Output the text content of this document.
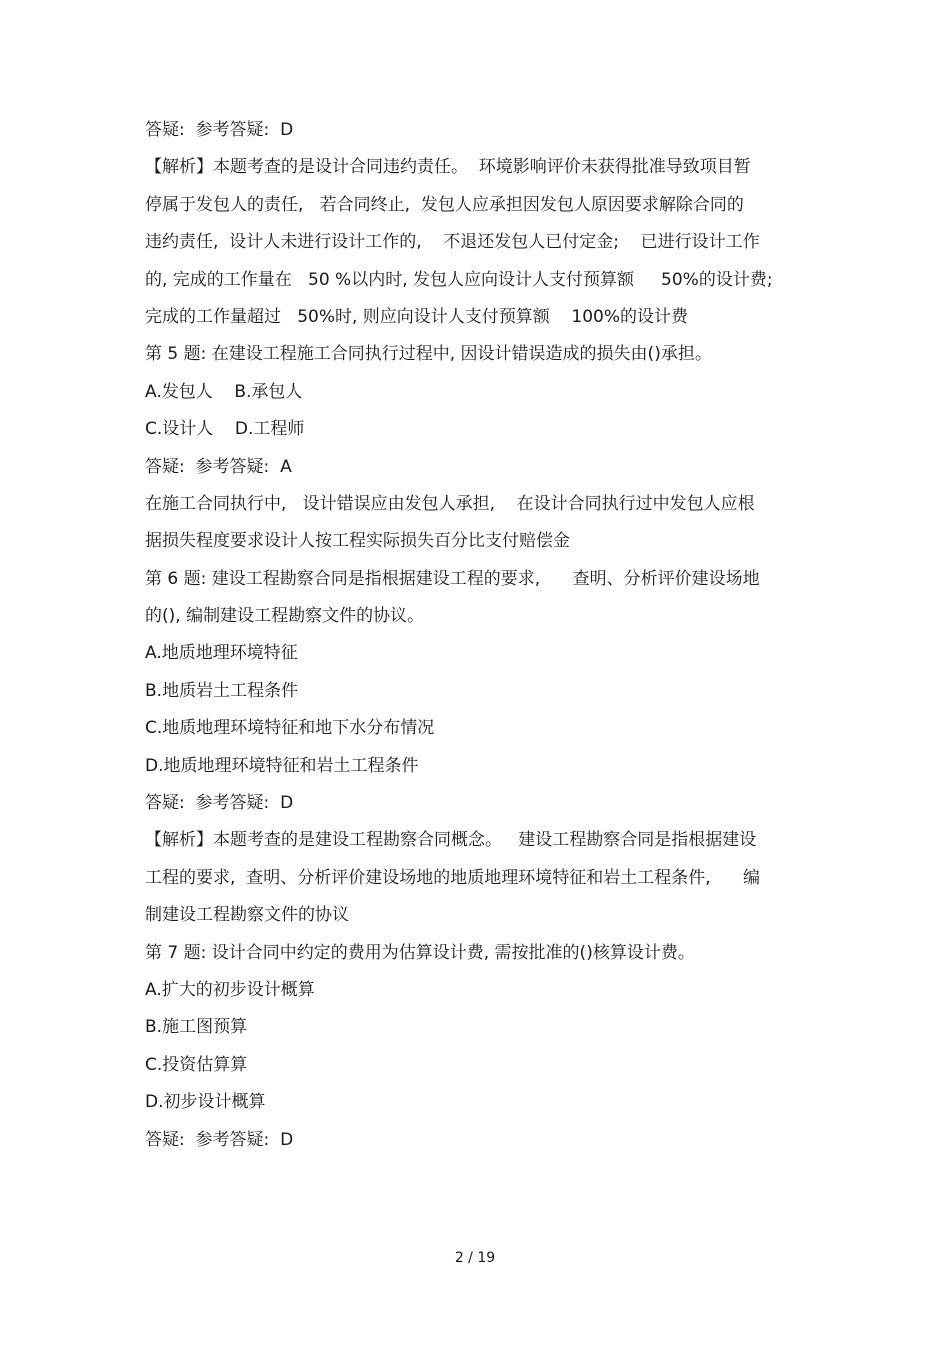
答疑:  参考答疑:  D
【解析】本题考查的是设计合同违约责任。  环境影响评价未获得批准导致项目暂
停属于发包人的责任,   若合同终止,  发包人应承担因发包人原因要求解除合同的
违约责任,  设计人未进行设计工作的,    不退还发包人已付定金;    已进行设计工作
的, 完成的工作量在   50 %以内时, 发包人应向设计人支付预算额     50%的设计费;
完成的工作量超过   50%时, 则应向设计人支付预算额    100%的设计费
第 5 题: 在建设工程施工合同执行过程中, 因设计错误造成的损失由()承担。
A.发包人    B.承包人
C.设计人    D.工程师
答疑:  参考答疑:  A
在施工合同执行中,   设计错误应由发包人承担,    在设计合同执行过中发包人应根
据损失程度要求设计人按工程实际损失百分比支付赔偿金
第 6 题: 建设工程勘察合同是指根据建设工程的要求,      查明、分析评价建设场地
的(), 编制建设工程勘察文件的协议。
A.地质地理环境特征
B.地质岩土工程条件
C.地质地理环境特征和地下水分布情况
D.地质地理环境特征和岩土工程条件
答疑:  参考答疑:  D
【解析】本题考查的是建设工程勘察合同概念。   建设工程勘察合同是指根据建设
工程的要求,  查明、分析评价建设场地的地质地理环境特征和岩土工程条件,      编
制建设工程勘察文件的协议
第 7 题: 设计合同中约定的费用为估算设计费, 需按批准的()核算设计费。
A.扩大的初步设计概算
B.施工图预算
C.投资估算算
D.初步设计概算
答疑:  参考答疑:  D
2 / 19
